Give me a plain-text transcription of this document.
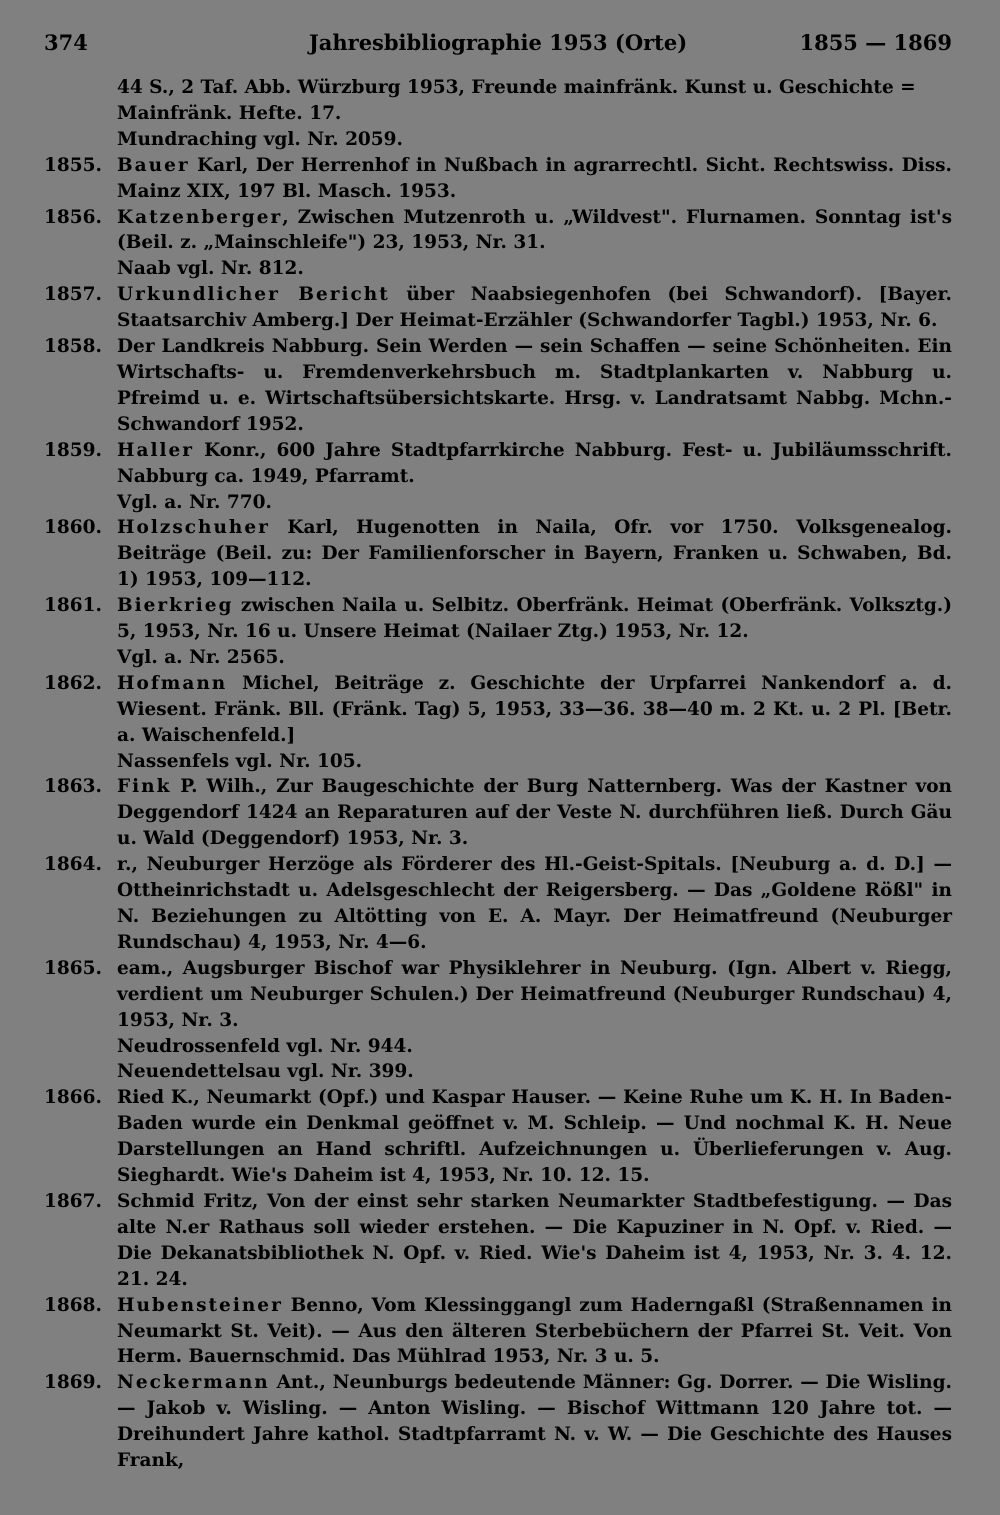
374	Jahresbibliographie 1953 (Orte)	1855 — 1869
44 S., 2 Taf. Abb. Würzburg 1953, Freunde mainfränk. Kunst u. Geschichte = Mainfränk. Hefte. 17.
Mundraching vgl. Nr. 2059.
1855. Bauer Karl, Der Herrenhof in Nußbach in agrarrechtl. Sicht. Rechtswiss. Diss. Mainz XIX, 197 Bl. Masch. 1953.
1856. Katzenberger, Zwischen Mutzenroth u. „Wildvest". Flurnamen. Sonntag ist's (Beil. z. „Mainschleife") 23, 1953, Nr. 31.
Naab vgl. Nr. 812.
1857. Urkundlicher Bericht über Naabsiegenhofen (bei Schwandorf). [Bayer. Staatsarchiv Amberg.] Der Heimat-Erzähler (Schwandorfer Tagbl.) 1953, Nr. 6.
1858. Der Landkreis Nabburg. Sein Werden — sein Schaffen — seine Schönheiten. Ein Wirtschafts- u. Fremdenverkehrsbuch m. Stadtplankarten v. Nabburg u. Pfreimd u. e. Wirtschaftsübersichtskarte. Hrsg. v. Landratsamt Nabbg. Mchn.-Schwandorf 1952.
1859. Haller Konr., 600 Jahre Stadtpfarrkirche Nabburg. Fest- u. Jubiläumsschrift. Nabburg ca. 1949, Pfarramt.
Vgl. a. Nr. 770.
1860. Holzschuher Karl, Hugenotten in Naila, Ofr. vor 1750. Volksgenealog. Beiträge (Beil. zu: Der Familienforscher in Bayern, Franken u. Schwaben, Bd. 1) 1953, 109—112.
1861. Bierkrieg zwischen Naila u. Selbitz. Oberfränk. Heimat (Oberfränk. Volksztg.) 5, 1953, Nr. 16 u. Unsere Heimat (Nailaer Ztg.) 1953, Nr. 12.
Vgl. a. Nr. 2565.
1862. Hofmann Michel, Beiträge z. Geschichte der Urpfarrei Nankendorf a. d. Wiesent. Fränk. Bll. (Fränk. Tag) 5, 1953, 33—36. 38—40 m. 2 Kt. u. 2 Pl. [Betr. a. Waischenfeld.]
Nassenfels vgl. Nr. 105.
1863. Fink P. Wilh., Zur Baugeschichte der Burg Natternberg. Was der Kastner von Deggendorf 1424 an Reparaturen auf der Veste N. durchführen ließ. Durch Gäu u. Wald (Deggendorf) 1953, Nr. 3.
1864. r., Neuburger Herzöge als Förderer des Hl.-Geist-Spitals. [Neuburg a. d. D.] — Ottheinrichstadt u. Adelsgeschlecht der Reigersberg. — Das „Goldene Rößl" in N. Beziehungen zu Altötting von E. A. Mayr. Der Heimatfreund (Neuburger Rundschau) 4, 1953, Nr. 4—6.
1865. eam., Augsburger Bischof war Physiklehrer in Neuburg. (Ign. Albert v. Riegg, verdient um Neuburger Schulen.) Der Heimatfreund (Neuburger Rundschau) 4, 1953, Nr. 3.
Neudrossenfeld vgl. Nr. 944.
Neuendettelsau vgl. Nr. 399.
1866. Ried K., Neumarkt (Opf.) und Kaspar Hauser. — Keine Ruhe um K. H. In Baden-Baden wurde ein Denkmal geöffnet v. M. Schleip. — Und nochmal K. H. Neue Darstellungen an Hand schriftl. Aufzeichnungen u. Überlieferungen v. Aug. Sieghardt. Wie's Daheim ist 4, 1953, Nr. 10. 12. 15.
1867. Schmid Fritz, Von der einst sehr starken Neumarkter Stadtbefestigung. — Das alte N.er Rathaus soll wieder erstehen. — Die Kapuziner in N. Opf. v. Ried. — Die Dekanatsbibliothek N. Opf. v. Ried. Wie's Daheim ist 4, 1953, Nr. 3. 4. 12. 21. 24.
1868. Hubensteiner Benno, Vom Klessinggangl zum Haderngaßl (Straßennamen in Neumarkt St. Veit). — Aus den älteren Sterbebüchern der Pfarrei St. Veit. Von Herm. Bauernschmid. Das Mühlrad 1953, Nr. 3 u. 5.
1869. Neckermann Ant., Neunburgs bedeutende Männer: Gg. Dorrer. — Die Wisling. — Jakob v. Wisling. — Anton Wisling. — Bischof Wittmann 120 Jahre tot. — Dreihundert Jahre kathol. Stadtpfarramt N. v. W. — Die Geschichte des Hauses Frank,
